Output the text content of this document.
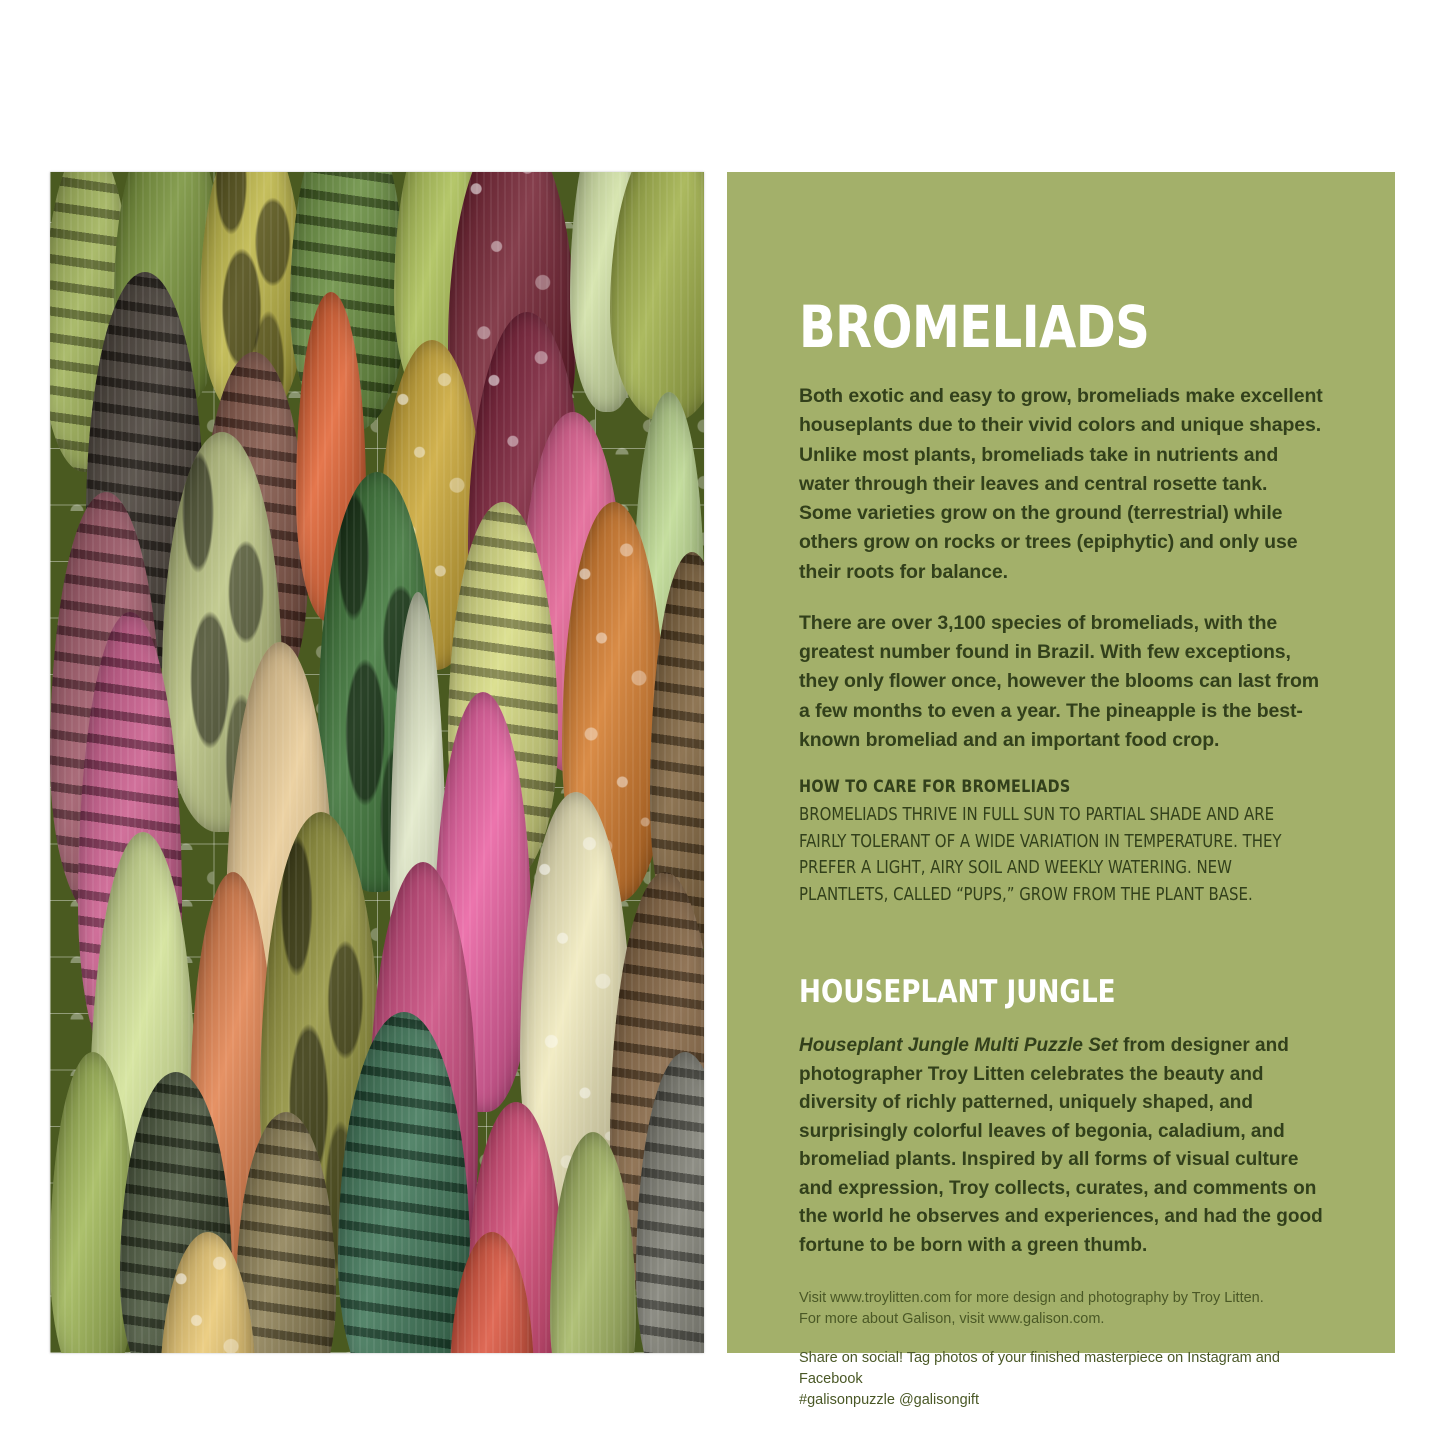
BROMELIADS

Both exotic and easy to grow, bromeliads make excellent houseplants due to their vivid colors and unique shapes. Unlike most plants, bromeliads take in nutrients and water through their leaves and central rosette tank. Some varieties grow on the ground (terrestrial) while others grow on rocks or trees (epiphytic) and only use their roots for balance.

There are over 3,100 species of bromeliads, with the greatest number found in Brazil. With few exceptions, they only flower once, however the blooms can last from a few months to even a year. The pineapple is the best-known bromeliad and an important food crop.

HOW TO CARE FOR BROMELIADS

BROMELIADS THRIVE IN FULL SUN TO PARTIAL SHADE AND ARE FAIRLY TOLERANT OF A WIDE VARIATION IN TEMPERATURE. THEY PREFER A LIGHT, AIRY SOIL AND WEEKLY WATERING. NEW PLANTLETS, CALLED “PUPS,” GROW FROM THE PLANT BASE.

HOUSEPLANT JUNGLE

Houseplant Jungle Multi Puzzle Set from designer and photographer Troy Litten celebrates the beauty and diversity of richly patterned, uniquely shaped, and surprisingly colorful leaves of begonia, caladium, and bromeliad plants. Inspired by all forms of visual culture and expression, Troy collects, curates, and comments on the world he observes and experiences, and had the good fortune to be born with a green thumb.

Visit www.troylitten.com for more design and photography by Troy Litten.
For more about Galison, visit www.galison.com.

Share on social! Tag photos of your finished masterpiece on Instagram and Facebook
#galisonpuzzle @galisongift
